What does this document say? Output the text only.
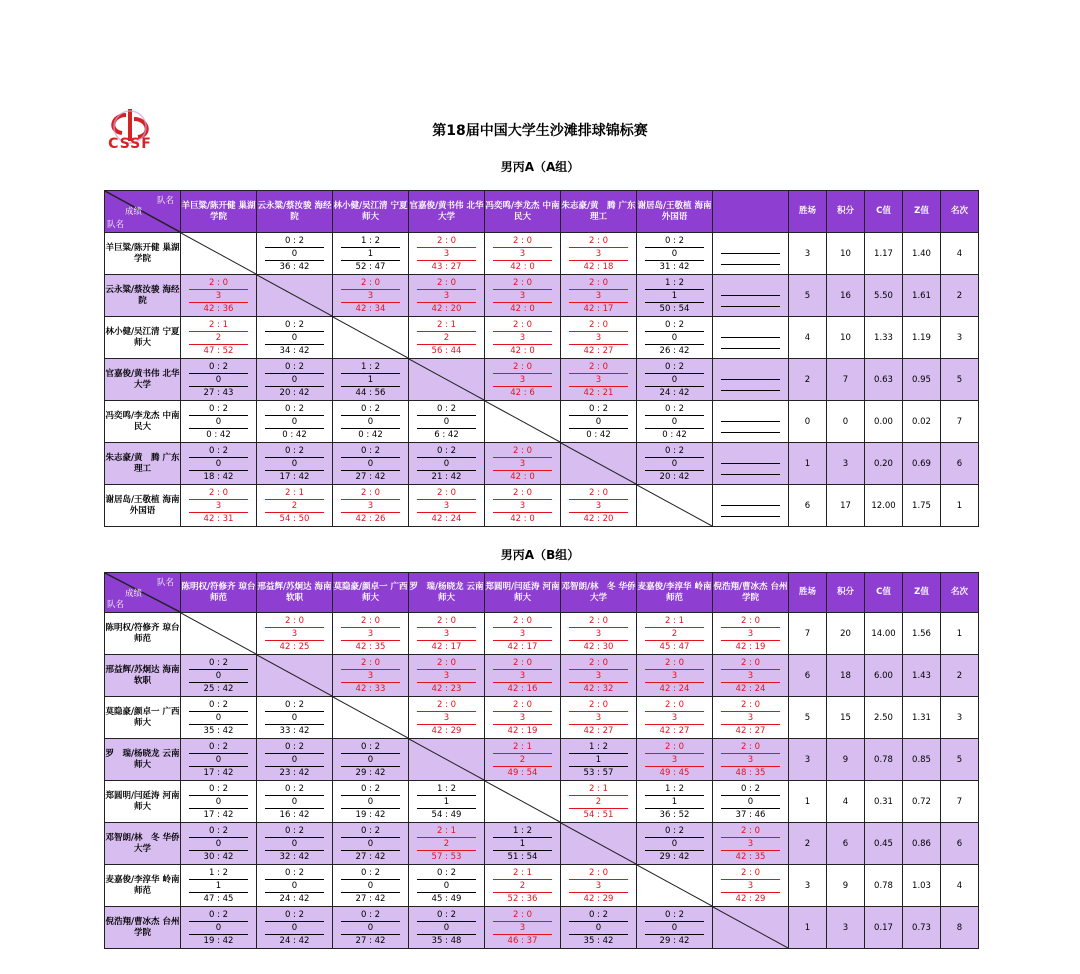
CSSF
第18届中国大学生沙滩排球锦标赛
男丙A（A组）
队名
成绩
队名	羊巨粱/陈开健 巢湖学院	云永粱/蔡汝骏 海经院	林小健/吴江清 宁夏师大	官嘉俊/黄书伟 北华大学	冯奕鸣/李龙杰 中南民大	朱志豪/黄　腾 广东理工	谢居岛/王敬植 海南外国语		胜场	积分	C值	Z值	名次
羊巨粱/陈开健 巢湖学院		0 : 2
0
36 : 42	1 : 2
1
52 : 47	2 : 0
3
43 : 27	2 : 0
3
42 : 0	2 : 0
3
42 : 18	0 : 2
0
31 : 42		3	10	1.17	1.40	4
云永粱/蔡汝骏 海经院	2 : 0
3
42 : 36		2 : 0
3
42 : 34	2 : 0
3
42 : 20	2 : 0
3
42 : 0	2 : 0
3
42 : 17	1 : 2
1
50 : 54		5	16	5.50	1.61	2
林小健/吴江清 宁夏师大	2 : 1
2
47 : 52	0 : 2
0
34 : 42		2 : 1
2
56 : 44	2 : 0
3
42 : 0	2 : 0
3
42 : 27	0 : 2
0
26 : 42		4	10	1.33	1.19	3
官嘉俊/黄书伟 北华大学	0 : 2
0
27 : 43	0 : 2
0
20 : 42	1 : 2
1
44 : 56		2 : 0
3
42 : 6	2 : 0
3
42 : 21	0 : 2
0
24 : 42		2	7	0.63	0.95	5
冯奕鸣/李龙杰 中南民大	0 : 2
0
0 : 42	0 : 2
0
0 : 42	0 : 2
0
0 : 42	0 : 2
0
6 : 42		0 : 2
0
0 : 42	0 : 2
0
0 : 42		0	0	0.00	0.02	7
朱志豪/黄　腾 广东理工	0 : 2
0
18 : 42	0 : 2
0
17 : 42	0 : 2
0
27 : 42	0 : 2
0
21 : 42	2 : 0
3
42 : 0		0 : 2
0
20 : 42		1	3	0.20	0.69	6
谢居岛/王敬植 海南外国语	2 : 0
3
42 : 31	2 : 1
2
54 : 50	2 : 0
3
42 : 26	2 : 0
3
42 : 24	2 : 0
3
42 : 0	2 : 0
3
42 : 20			6	17	12.00	1.75	1
男丙A（B组）
队名
成绩
队名	陈明权/符修齐 琼台师范	邢益辉/苏炯达 海南软职	莫隐豪/颜卓一 广西师大	罗　瑞/杨晓龙 云南师大	郑圆明/闫延涛 河南师大	邓智朗/林　冬 华侨大学	麦嘉俊/李淳华 岭南师范	倪浩翔/曹冰杰 台州学院	胜场	积分	C值	Z值	名次
陈明权/符修齐 琼台师范		2 : 0
3
42 : 25	2 : 0
3
42 : 35	2 : 0
3
42 : 17	2 : 0
3
42 : 17	2 : 0
3
42 : 30	2 : 1
2
45 : 47	2 : 0
3
42 : 19	7	20	14.00	1.56	1
邢益辉/苏炯达 海南软职	0 : 2
0
25 : 42		2 : 0
3
42 : 33	2 : 0
3
42 : 23	2 : 0
3
42 : 16	2 : 0
3
42 : 32	2 : 0
3
42 : 24	2 : 0
3
42 : 24	6	18	6.00	1.43	2
莫隐豪/颜卓一 广西师大	0 : 2
0
35 : 42	0 : 2
0
33 : 42		2 : 0
3
42 : 29	2 : 0
3
42 : 19	2 : 0
3
42 : 27	2 : 0
3
42 : 27	2 : 0
3
42 : 27	5	15	2.50	1.31	3
罗　瑞/杨晓龙 云南师大	0 : 2
0
17 : 42	0 : 2
0
23 : 42	0 : 2
0
29 : 42		2 : 1
2
49 : 54	1 : 2
1
53 : 57	2 : 0
3
49 : 45	2 : 0
3
48 : 35	3	9	0.78	0.85	5
郑圆明/闫延涛 河南师大	0 : 2
0
17 : 42	0 : 2
0
16 : 42	0 : 2
0
19 : 42	1 : 2
1
54 : 49		2 : 1
2
54 : 51	1 : 2
1
36 : 52	0 : 2
0
37 : 46	1	4	0.31	0.72	7
邓智朗/林　冬 华侨大学	0 : 2
0
30 : 42	0 : 2
0
32 : 42	0 : 2
0
27 : 42	2 : 1
2
57 : 53	1 : 2
1
51 : 54		0 : 2
0
29 : 42	2 : 0
3
42 : 35	2	6	0.45	0.86	6
麦嘉俊/李淳华 岭南师范	1 : 2
1
47 : 45	0 : 2
0
24 : 42	0 : 2
0
27 : 42	0 : 2
0
45 : 49	2 : 1
2
52 : 36	2 : 0
3
42 : 29		2 : 0
3
42 : 29	3	9	0.78	1.03	4
倪浩翔/曹冰杰 台州学院	0 : 2
0
19 : 42	0 : 2
0
24 : 42	0 : 2
0
27 : 42	0 : 2
0
35 : 48	2 : 0
3
46 : 37	0 : 2
0
35 : 42	0 : 2
0
29 : 42		1	3	0.17	0.73	8
